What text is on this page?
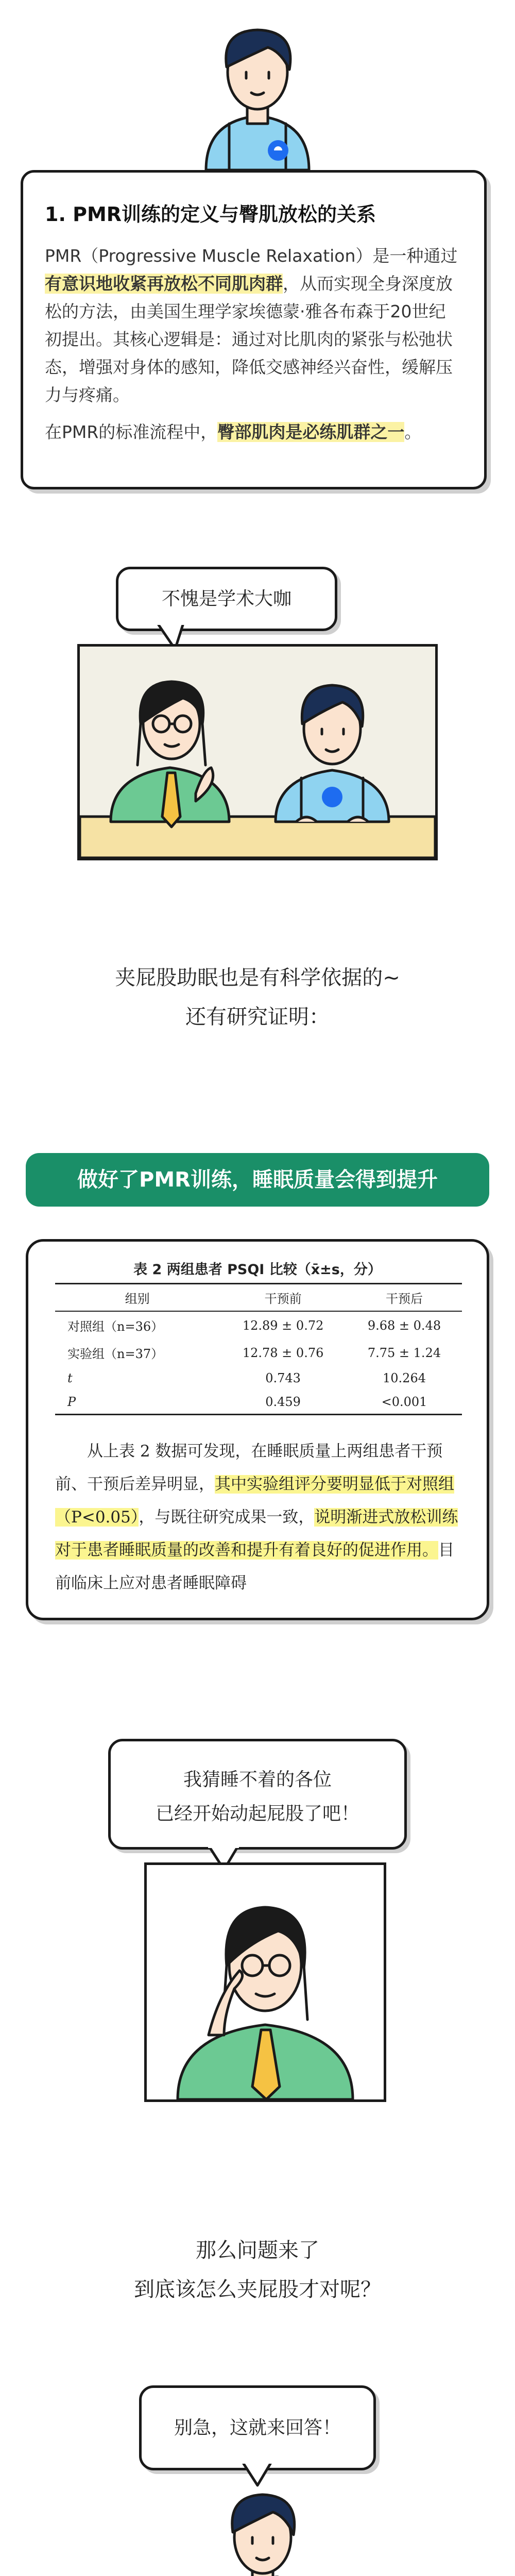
1. PMR训练的定义与臀肌放松的关系

PMR（Progressive Muscle Relaxation）是一种通过有意识地收紧再放松不同肌肉群，从而实现全身深度放松的方法，由美国生理学家埃德蒙·雅各布森于20世纪初提出。其核心逻辑是：通过对比肌肉的紧张与松弛状态，增强对身体的感知，降低交感神经兴奋性，缓解压力与疼痛。

在PMR的标准流程中，臀部肌肉是必练肌群之一。

不愧是学术大咖
夹屁股助眠也是有科学依据的~
还有研究证明：
做好了PMR训练，睡眠质量会得到提升
表 2 两组患者 PSQI 比较（x̄±s，分）
组别	干预前	干预后
对照组（n=36）	12.89 ± 0.72	9.68 ± 0.48
实验组（n=37）	12.78 ± 0.76	7.75 ± 1.24
t	0.743	10.264
P	0.459	<0.001
从上表 2 数据可发现，在睡眠质量上两组患者干预前、干预后差异明显，其中实验组评分要明显低于对照组（P<0.05），与既往研究成果一致，说明渐进式放松训练对于患者睡眠质量的改善和提升有着良好的促进作用。目前临床上应对患者睡眠障碍
我猜睡不着的各位
已经开始动起屁股了吧！
那么问题来了
到底该怎么夹屁股才对呢？
别急，这就来回答！
